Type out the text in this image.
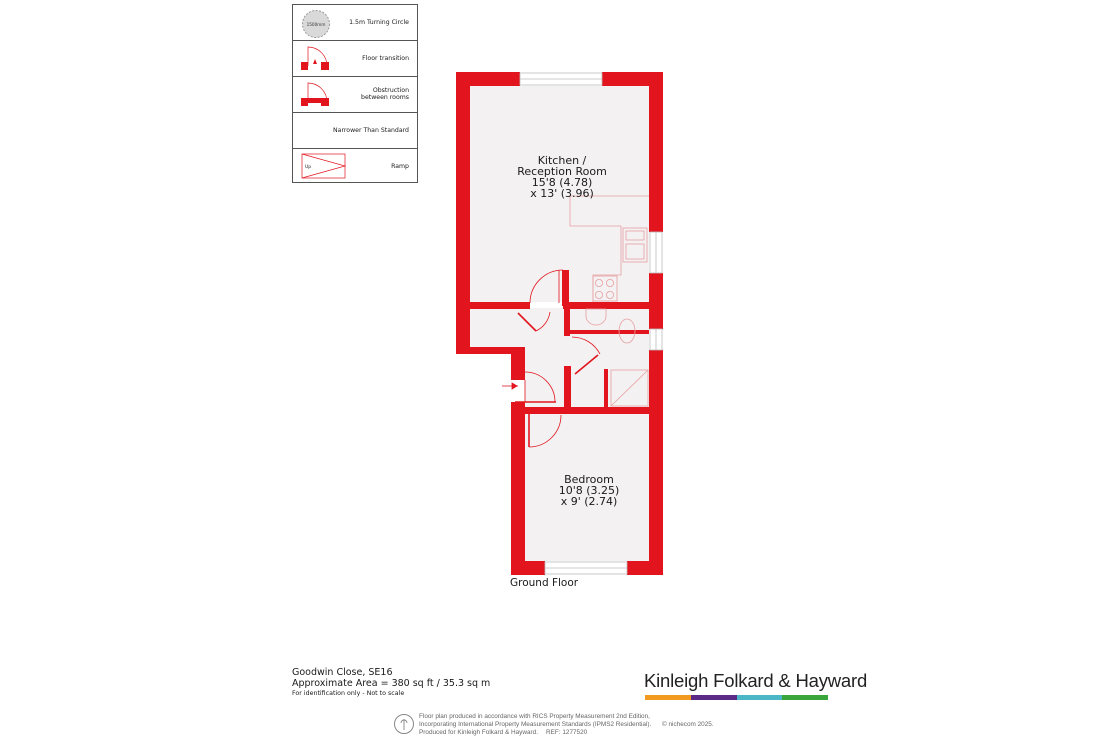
1500mm	1.5m Turning Circle
Floor transition
Obstruction
between rooms
Narrower Than Standard
Up	Ramp	Kitchen /
Reception Room
15'8 (4.78)
x 13' (3.96)
Bedroom
10'8 (3.25)
x 9' (2.74)
Ground Floor
Goodwin Close, SE16
Approximate Area = 380 sq ft / 35.3 sq m
For identification only - Not to scale
Kinleigh Folkard & Hayward
Floor plan produced in accordance with RICS Property Measurement 2nd Edition,
Incorporating International Property Measurement Standards (IPMS2 Residential).
Produced for Kinleigh Folkard & Hayward. REF: 1277520
© nichecom 2025.
